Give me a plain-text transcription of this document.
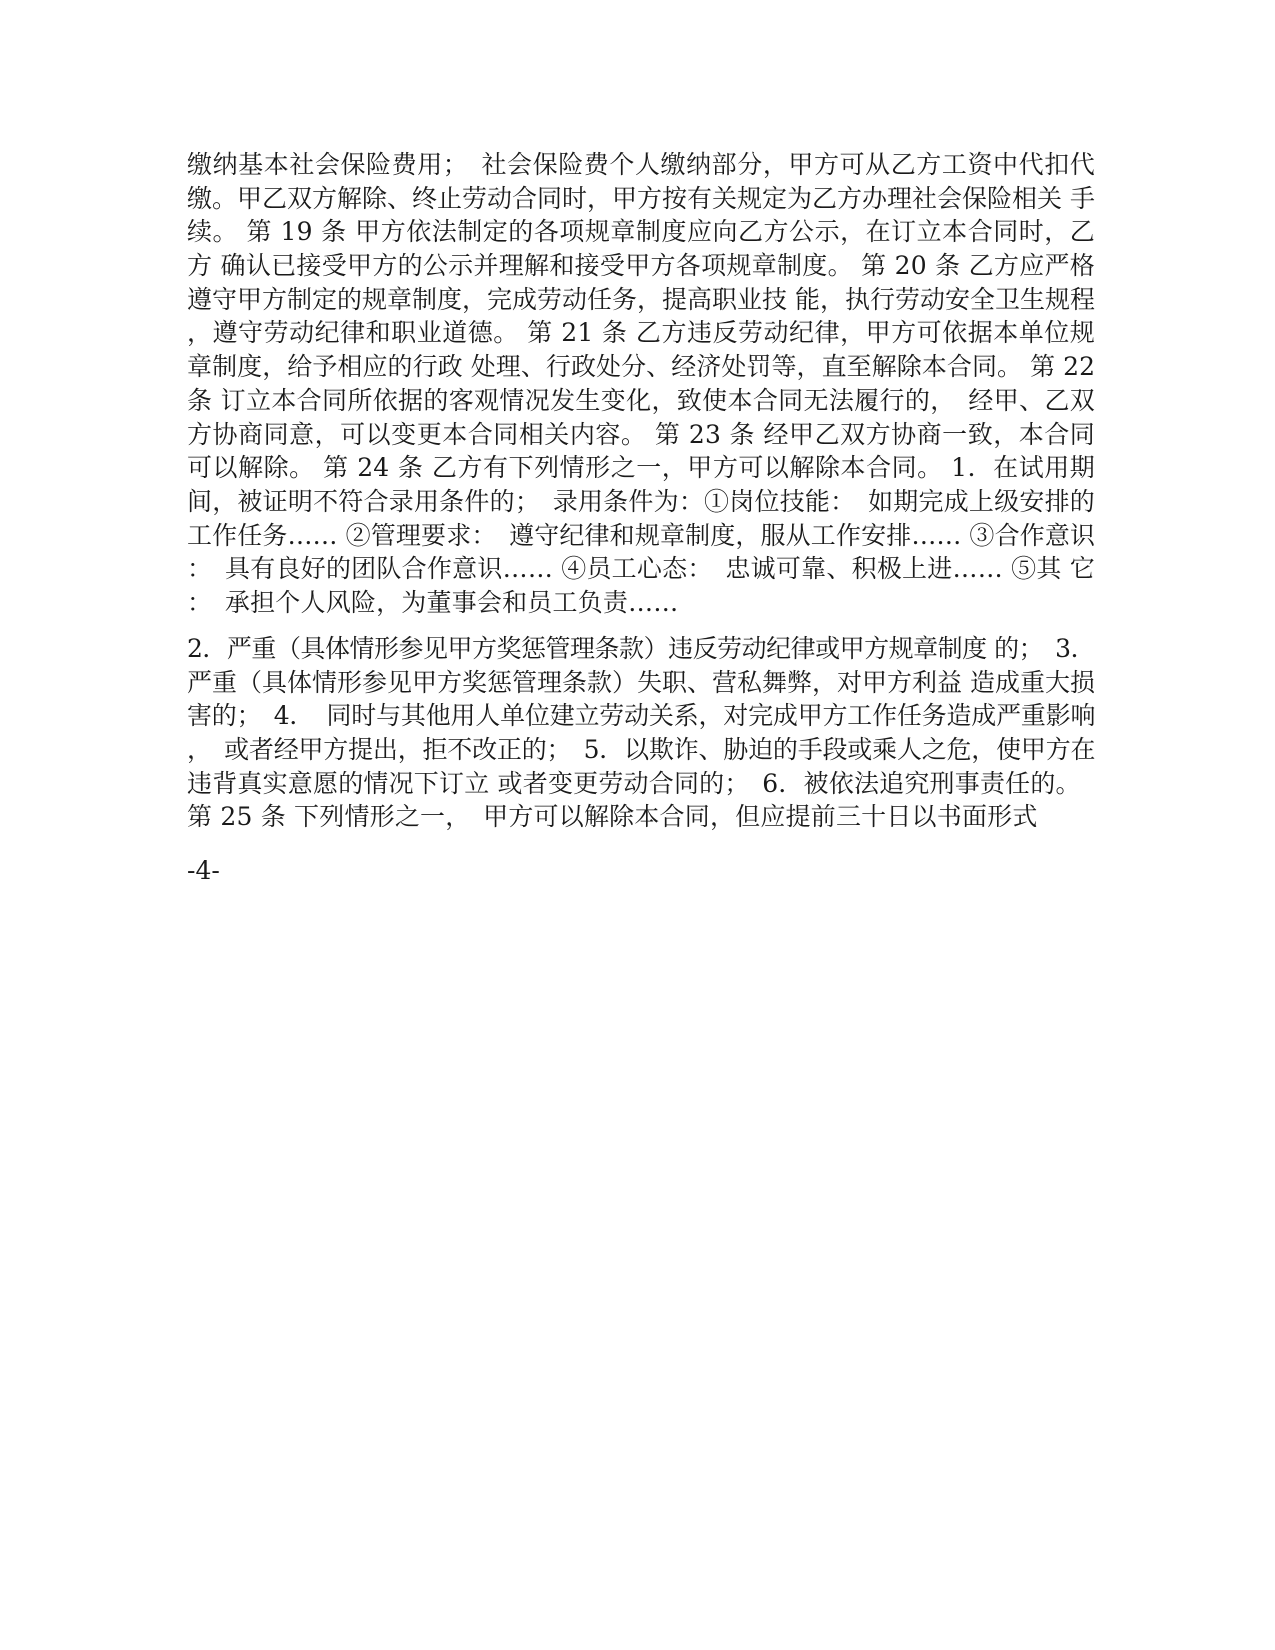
缴纳基本社会保险费用；　社会保险费个人缴纳部分，甲方可从乙方工资中代扣代
缴。甲乙双方解除、终止劳动合同时，甲方按有关规定为乙方办理社会保险相关 手
续。 第 19 条 甲方依法制定的各项规章制度应向乙方公示，在订立本合同时，乙
方 确认已接受甲方的公示并理解和接受甲方各项规章制度。 第 20 条 乙方应严格
遵守甲方制定的规章制度，完成劳动任务，提高职业技 能，执行劳动安全卫生规程
，遵守劳动纪律和职业道德。 第 21 条 乙方违反劳动纪律，甲方可依据本单位规
章制度，给予相应的行政 处理、行政处分、经济处罚等，直至解除本合同。 第 22
条 订立本合同所依据的客观情况发生变化，致使本合同无法履行的，　经甲、乙双
方协商同意，可以变更本合同相关内容。 第 23 条 经甲乙双方协商一致，本合同
可以解除。 第 24 条 乙方有下列情形之一，甲方可以解除本合同。 1．在试用期
间，被证明不符合录用条件的；　录用条件为：①岗位技能：　如期完成上级安排的
工作任务…… ②管理要求：　遵守纪律和规章制度，服从工作安排…… ③合作意识
：　具有良好的团队合作意识…… ④员工心态：　忠诚可靠、积极上进…… ⑤其 它
：　承担个人风险，为董事会和员工负责……
2．严重（具体情形参见甲方奖惩管理条款）违反劳动纪律或甲方规章制度 的；　3．
严重（具体情形参见甲方奖惩管理条款）失职、营私舞弊，对甲方利益 造成重大损
害的；　4．　同时与其他用人单位建立劳动关系，对完成甲方工作任务造成严重影响
，　或者经甲方提出，拒不改正的；　5．以欺诈、胁迫的手段或乘人之危，使甲方在
违背真实意愿的情况下订立 或者变更劳动合同的；　6．被依法追究刑事责任的。
第 25 条 下列情形之一，　甲方可以解除本合同，但应提前三十日以书面形式
-4-
